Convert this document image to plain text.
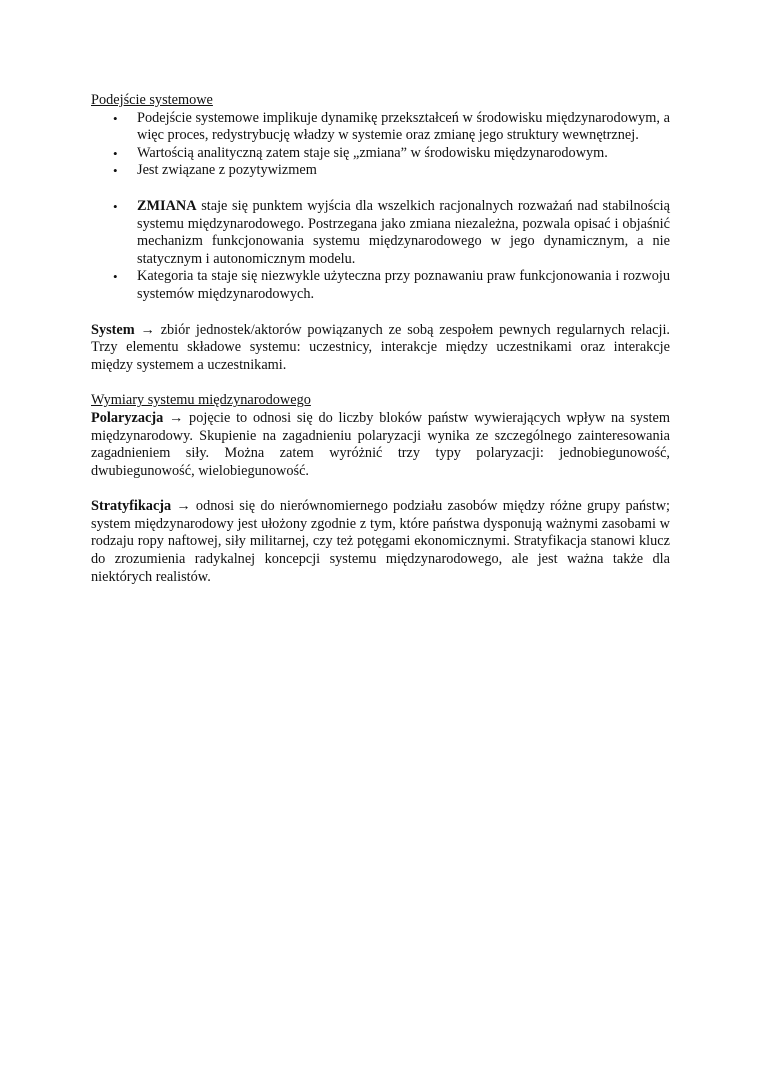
Podejście systemowe
• Podejście systemowe implikuje dynamikę przekształceń w środowisku międzynarodowym, a więc proces, redystrybucję władzy w systemie oraz zmianę jego struktury wewnętrznej.
• Wartością analityczną zatem staje się „zmiana” w środowisku międzynarodowym.
• Jest związane z pozytywizmem
• ZMIANA staje się punktem wyjścia dla wszelkich racjonalnych rozważań nad stabilnością systemu międzynarodowego. Postrzegana jako zmiana niezależna, pozwala opisać i objaśnić mechanizm funkcjonowania systemu międzynarodowego w jego dynamicznym, a nie statycznym i autonomicznym modelu.
• Kategoria ta staje się niezwykle użyteczna przy poznawaniu praw funkcjonowania i rozwoju systemów międzynarodowych.

System → zbiór jednostek/aktorów powiązanych ze sobą zespołem pewnych regularnych relacji. Trzy elementu składowe systemu: uczestnicy, interakcje między uczestnikami oraz interakcje między systemem a uczestnikami.

Wymiary systemu międzynarodowego

Polaryzacja → pojęcie to odnosi się do liczby bloków państw wywierających wpływ na system międzynarodowy. Skupienie na zagadnieniu polaryzacji wynika ze szczególnego zainteresowania zagadnieniem siły. Można zatem wyróżnić trzy typy polaryzacji: jednobiegunowość, dwubiegunowość, wielobiegunowość.

Stratyfikacja → odnosi się do nierównomiernego podziału zasobów między różne grupy państw; system międzynarodowy jest ułożony zgodnie z tym, które państwa dysponują ważnymi zasobami w rodzaju ropy naftowej, siły militarnej, czy też potęgami ekonomicznymi. Stratyfikacja stanowi klucz do zrozumienia radykalnej koncepcji systemu międzynarodowego, ale jest ważna także dla niektórych realistów.
